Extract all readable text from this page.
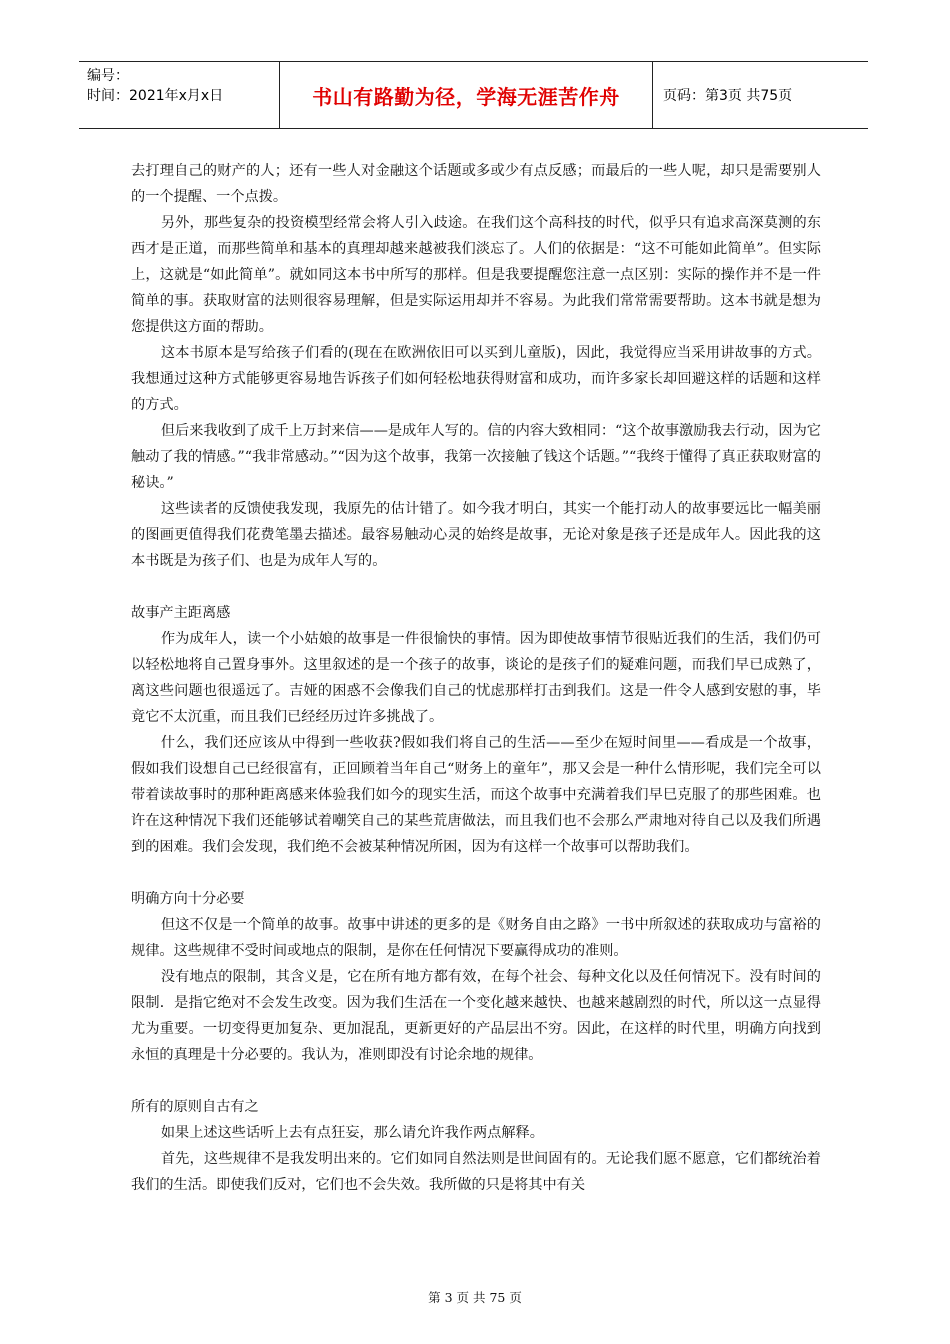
编号：
时间：2021年x月x日	书山有路勤为径，学海无涯苦作舟	页码：第3页 共75页

去打理自己的财产的人；还有一些人对金融这个话题或多或少有点反感；而最后的一些人呢，却只是需要别人的一个提醒、一个点拨。

另外，那些复杂的投资模型经常会将人引入歧途。在我们这个高科技的时代，似乎只有追求高深莫测的东西才是正道，而那些简单和基本的真理却越来越被我们淡忘了。人们的依据是：“这不可能如此简单”。但实际上，这就是“如此简单”。就如同这本书中所写的那样。但是我要提醒您注意一点区别：实际的操作并不是一件简单的事。获取财富的法则很容易理解，但是实际运用却并不容易。为此我们常常需要帮助。这本书就是想为您提供这方面的帮助。

这本书原本是写给孩子们看的(现在在欧洲依旧可以买到儿童版)，因此，我觉得应当采用讲故事的方式。我想通过这种方式能够更容易地告诉孩子们如何轻松地获得财富和成功，而许多家长却回避这样的话题和这样的方式。

但后来我收到了成千上万封来信——是成年人写的。信的内容大致相同：“这个故事激励我去行动，因为它触动了我的情感。”“我非常感动。”“因为这个故事，我第一次接触了钱这个话题。”“我终于懂得了真正获取财富的秘诀。”

这些读者的反馈使我发现，我原先的估计错了。如今我才明白，其实一个能打动人的故事要远比一幅美丽的图画更值得我们花费笔墨去描述。最容易触动心灵的始终是故事，无论对象是孩子还是成年人。因此我的这本书既是为孩子们、也是为成年人写的。

故事产主距离感

作为成年人，读一个小姑娘的故事是一件很愉快的事情。因为即使故事情节很贴近我们的生活，我们仍可以轻松地将自己置身事外。这里叙述的是一个孩子的故事，谈论的是孩子们的疑难问题，而我们早已成熟了，离这些问题也很遥远了。吉娅的困惑不会像我们自己的忧虑那样打击到我们。这是一件令人感到安慰的事，毕竟它不太沉重，而且我们已经经历过许多挑战了。

什么，我们还应该从中得到一些收获?假如我们将自己的生活——至少在短时间里——看成是一个故事，假如我们设想自己已经很富有，正回顾着当年自己“财务上的童年”，那又会是一种什么情形呢，我们完全可以带着读故事时的那种距离感来体验我们如今的现实生活，而这个故事中充满着我们早巳克服了的那些困难。也许在这种情况下我们还能够试着嘲笑自己的某些荒唐做法，而且我们也不会那么严肃地对待自己以及我们所遇到的困难。我们会发现，我们绝不会被某种情况所困，因为有这样一个故事可以帮助我们。

明确方向十分必要

但这不仅是一个简单的故事。故事中讲述的更多的是《财务自由之路》一书中所叙述的获取成功与富裕的规律。这些规律不受时间或地点的限制，是你在任何情况下要赢得成功的准则。

没有地点的限制，其含义是，它在所有地方都有效，在每个社会、每种文化以及任何情况下。没有时间的限制．是指它绝对不会发生改变。因为我们生活在一个变化越来越快、也越来越剧烈的时代，所以这一点显得尤为重要。一切变得更加复杂、更加混乱，更新更好的产品层出不穷。因此，在这样的时代里，明确方向找到永恒的真理是十分必要的。我认为，准则即没有讨论余地的规律。

所有的原则自古有之

如果上述这些话听上去有点狂妄，那么请允许我作两点解释。

首先，这些规律不是我发明出来的。它们如同自然法则是世间固有的。无论我们愿不愿意，它们都统治着我们的生活。即使我们反对，它们也不会失效。我所做的只是将其中有关

第 3 页 共 75 页
